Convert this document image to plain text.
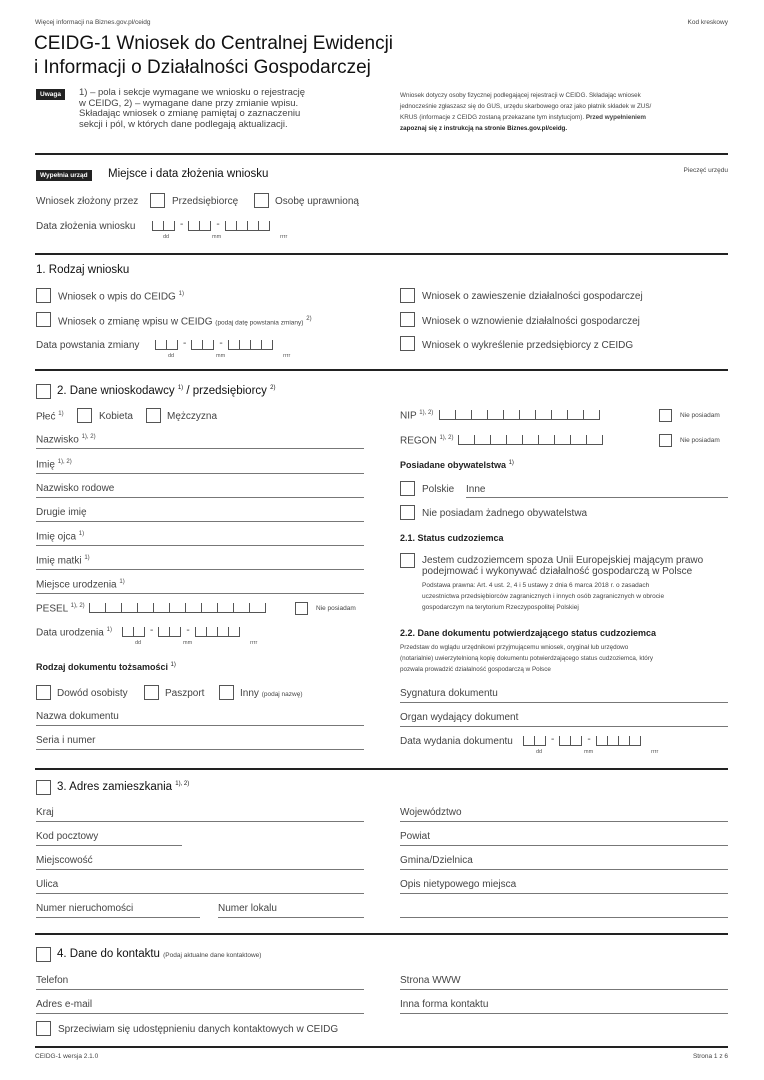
Więcej informacji na Biznes.gov.pl/ceidg	Kod kreskowy
CEIDG-1 Wniosek do Centralnej Ewidencji
i Informacji o Działalności Gospodarczej
Uwaga	1) – pola i sekcje wymagane we wniosku o rejestrację
w CEIDG, 2) – wymagane dane przy zmianie wpisu.
Składając wniosek o zmianę pamiętaj o zaznaczeniu
sekcji i pól, w których dane podlegają aktualizacji.
Wniosek dotyczy osoby fizycznej podlegającej rejestracji w CEIDG. Składając wniosek
jednocześnie zgłaszasz się do GUS, urzędu skarbowego oraz jako płatnik składek w ZUS/
KRUS (informacje z CEIDG zostaną przekazane tym instytucjom). Przed wypełnieniem
zapoznaj się z instrukcją na stronie Biznes.gov.pl/ceidg.
Wypełnia urząd	Miejsce i data złożenia wniosku	Pieczęć urzędu
Wniosek złożony przez	Przedsiębiorcę	Osobę uprawnioną
Data złożenia wniosku	-	-
dd	mm	rrrr
1. Rodzaj wniosku
Wniosek o wpis do CEIDG $^{1)}$
Wniosek o zmianę wpisu w CEIDG (podaj datę powstania zmiany) $^{2)}$
Data powstania zmiany	-	-
dd	mm	rrrr
Wniosek o zawieszenie działalności gospodarczej
Wniosek o wznowienie działalności gospodarczej
Wniosek o wykreślenie przedsiębiorcy z CEIDG
2. Dane wnioskodawcy $^{1)}$ / przedsiębiorcy $^{2)}$
Płeć $^{1)}$	Kobieta	Mężczyzna
Nazwisko $^{1), 2)}$
Imię $^{1), 2)}$
Nazwisko rodowe
Drugie imię
Imię ojca $^{1)}$
Imię matki $^{1)}$
Miejsce urodzenia $^{1)}$
PESEL $^{1), 2)}$	Nie posiadam
Data urodzenia $^{1)}$	-	-
dd	mm	rrrr
Rodzaj dokumentu tożsamości $^{1)}$
Dowód osobisty	Paszport	Inny (podaj nazwę)
Nazwa dokumentu
Seria i numer
NIP $^{1), 2)}$	Nie posiadam
REGON $^{1), 2)}$	Nie posiadam
Posiadane obywatelstwa $^{1)}$
Polskie Inne
Nie posiadam żadnego obywatelstwa
2.1. Status cudzoziemca
Jestem cudzoziemcem spoza Unii Europejskiej mającym prawo
podejmować i wykonywać działalność gospodarczą w Polsce
Podstawa prawna: Art. 4 ust. 2, 4 i 5 ustawy z dnia 6 marca 2018 r. o zasadach
uczestnictwa przedsiębiorców zagranicznych i innych osób zagranicznych w obrocie
gospodarczym na terytorium Rzeczypospolitej Polskiej
2.2. Dane dokumentu potwierdzającego status cudzoziemca
Przedstaw do wglądu urzędnikowi przyjmującemu wniosek, oryginał lub urzędowo
(notarialnie) uwierzytelnioną kopię dokumentu potwierdzającego status cudzoziemca, który
pozwala prowadzić działalność gospodarczą w Polsce
Sygnatura dokumentu
Organ wydający dokument
Data wydania dokumentu	-	-
dd	mm	rrrr
3. Adres zamieszkania $^{1), 2)}$
Kraj
Kod pocztowy
Miejscowość
Ulica
Numer nieruchomości	Numer lokalu
Województwo
Powiat
Gmina/Dzielnica
Opis nietypowego miejsca
4. Dane do kontaktu (Podaj aktualne dane kontaktowe)
Telefon
Adres e-mail
Strona WWW
Inna forma kontaktu
Sprzeciwiam się udostępnieniu danych kontaktowych w CEIDG
CEIDG-1 wersja 2.1.0	Strona 1 z 6
